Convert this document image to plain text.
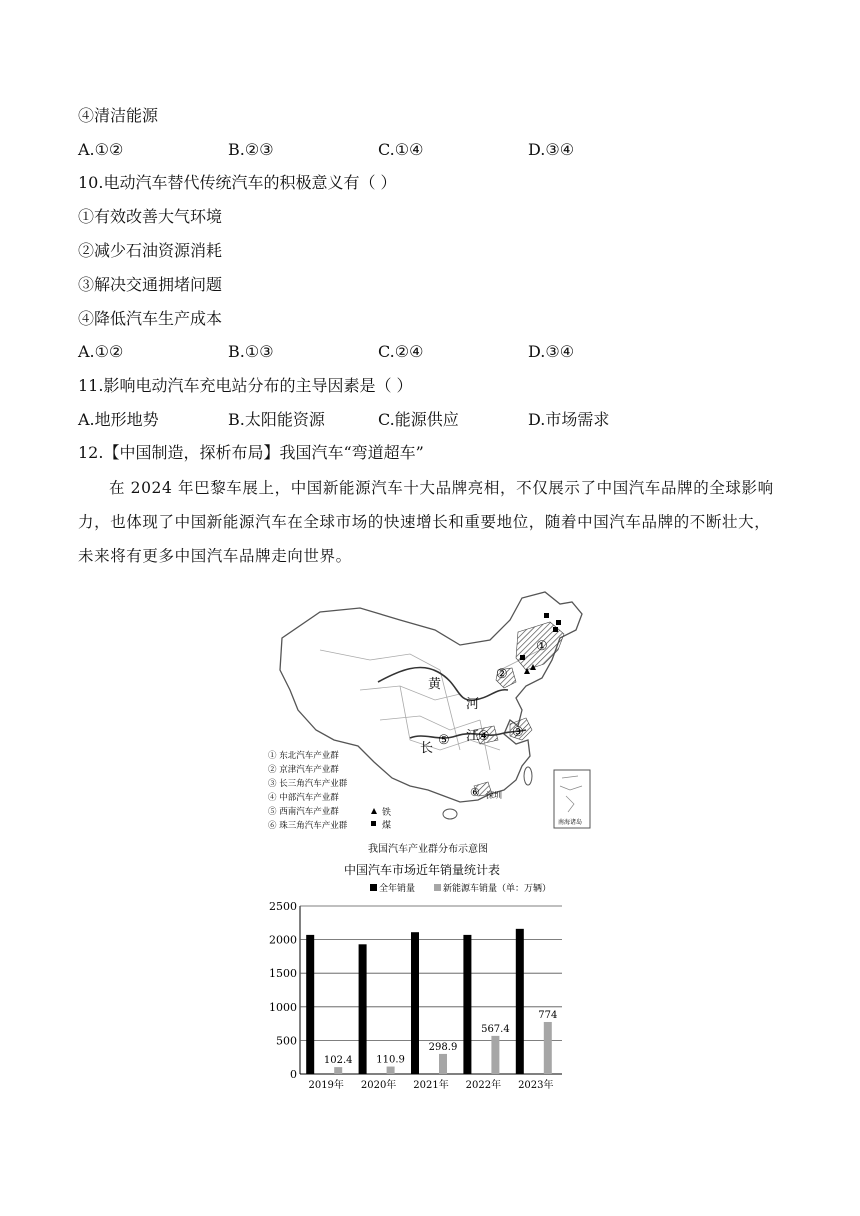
④清洁能源
A.①②	B.②③	C.①④	D.③④
10.电动汽车替代传统汽车的积极意义有（ ）
①有效改善大气环境
②减少石油资源消耗
③解决交通拥堵问题
④降低汽车生产成本
A.①②	B.①③	C.②④	D.③④
11.影响电动汽车充电站分布的主导因素是（ ）
A.地形地势	B.太阳能资源	C.能源供应	D.市场需求
12.【中国制造，探析布局】我国汽车“弯道超车”
在 2024 年巴黎车展上，中国新能源汽车十大品牌亮相，不仅展示了中国汽车品牌的全球影响力，也体现了中国新能源汽车在全球市场的快速增长和重要地位，随着中国汽车品牌的不断壮大，未来将有更多中国汽车品牌走向世界。
①
②
③
④
⑤
⑥
黄
河
长
江
深圳
南海诸岛
① 东北汽车产业群
② 京津汽车产业群
③ 长三角汽车产业群
④ 中部汽车产业群
⑤ 西南汽车产业群
⑥ 珠三角汽车产业群
铁
煤
我国汽车产业群分布示意图
中国汽车市场近年销量统计表
全年销量	新能源车销量（单：万辆）
0
500
1000
1500
2000
2500
102.4
2019年
110.9
2020年
298.9
2021年
567.4
2022年
774
2023年
